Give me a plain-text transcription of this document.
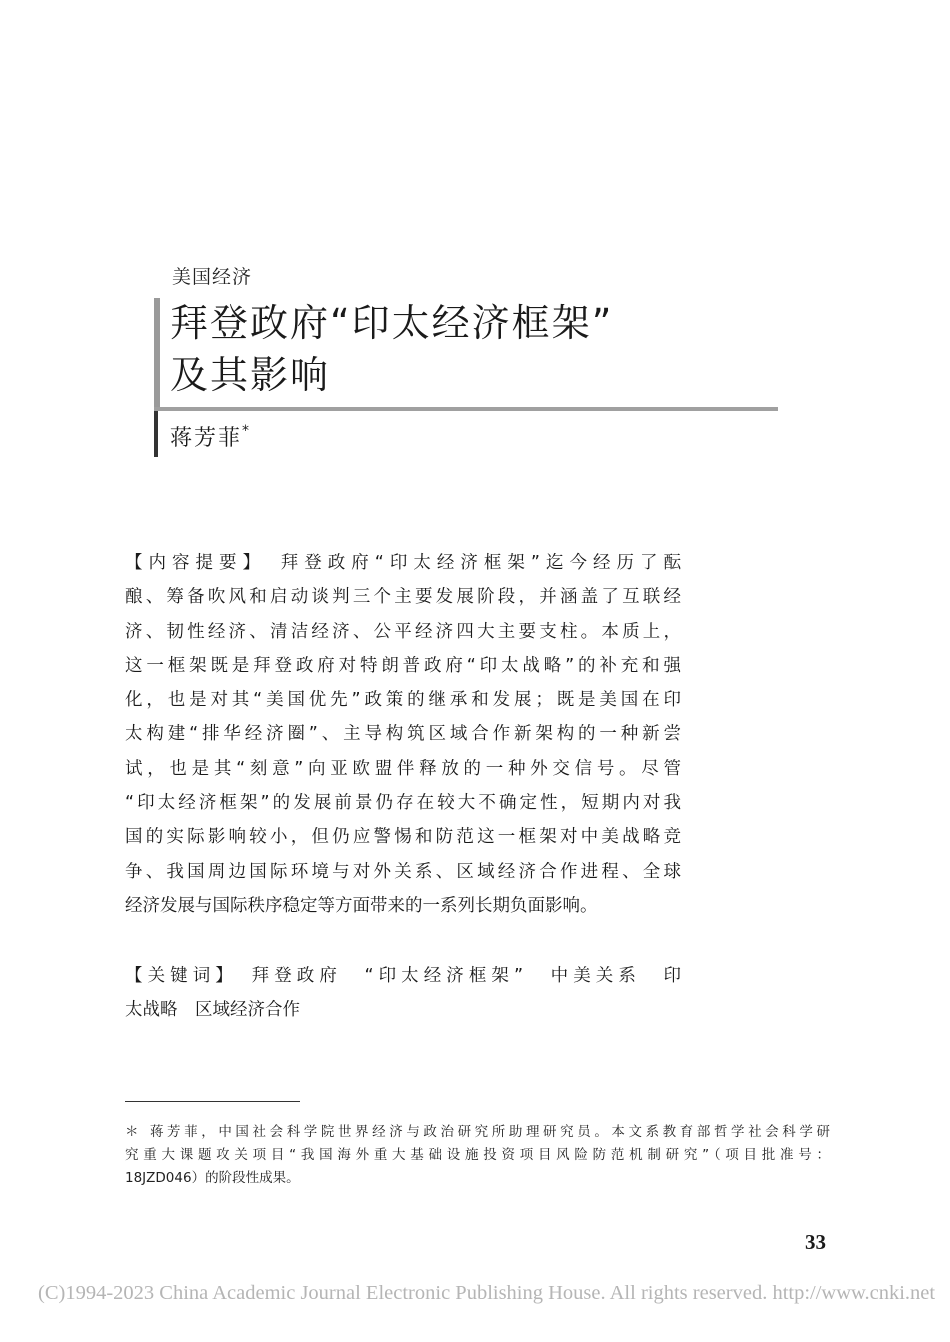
美国经济
拜登政府“印太经济框架”
及其影响
蒋芳菲*
【内容提要】　拜登政府“印太经济框架”迄今经历了酝
酿、筹备吹风和启动谈判三个主要发展阶段，并涵盖了互联经
济、韧性经济、清洁经济、公平经济四大主要支柱。本质上，
这一框架既是拜登政府对特朗普政府“印太战略”的补充和强
化，也是对其“美国优先”政策的继承和发展；既是美国在印
太构建“排华经济圈”、主导构筑区域合作新架构的一种新尝
试，也是其“刻意”向亚欧盟伴释放的一种外交信号。尽管
“印太经济框架”的发展前景仍存在较大不确定性，短期内对我
国的实际影响较小，但仍应警惕和防范这一框架对中美战略竞
争、我国周边国际环境与对外关系、区域经济合作进程、全球
经济发展与国际秩序稳定等方面带来的一系列长期负面影响。
【关键词】　拜登政府　“印太经济框架”　中美关系　印
太战略　区域经济合作
＊ 蒋芳菲，中国社会科学院世界经济与政治研究所助理研究员。本文系教育部哲学社会科学研
究重大课题攻关项目“我国海外重大基础设施投资项目风险防范机制研究”（项目批准号：
18JZD046）的阶段性成果。
33
(C)1994-2023 China Academic Journal Electronic Publishing House. All rights reserved. http://www.cnki.net
